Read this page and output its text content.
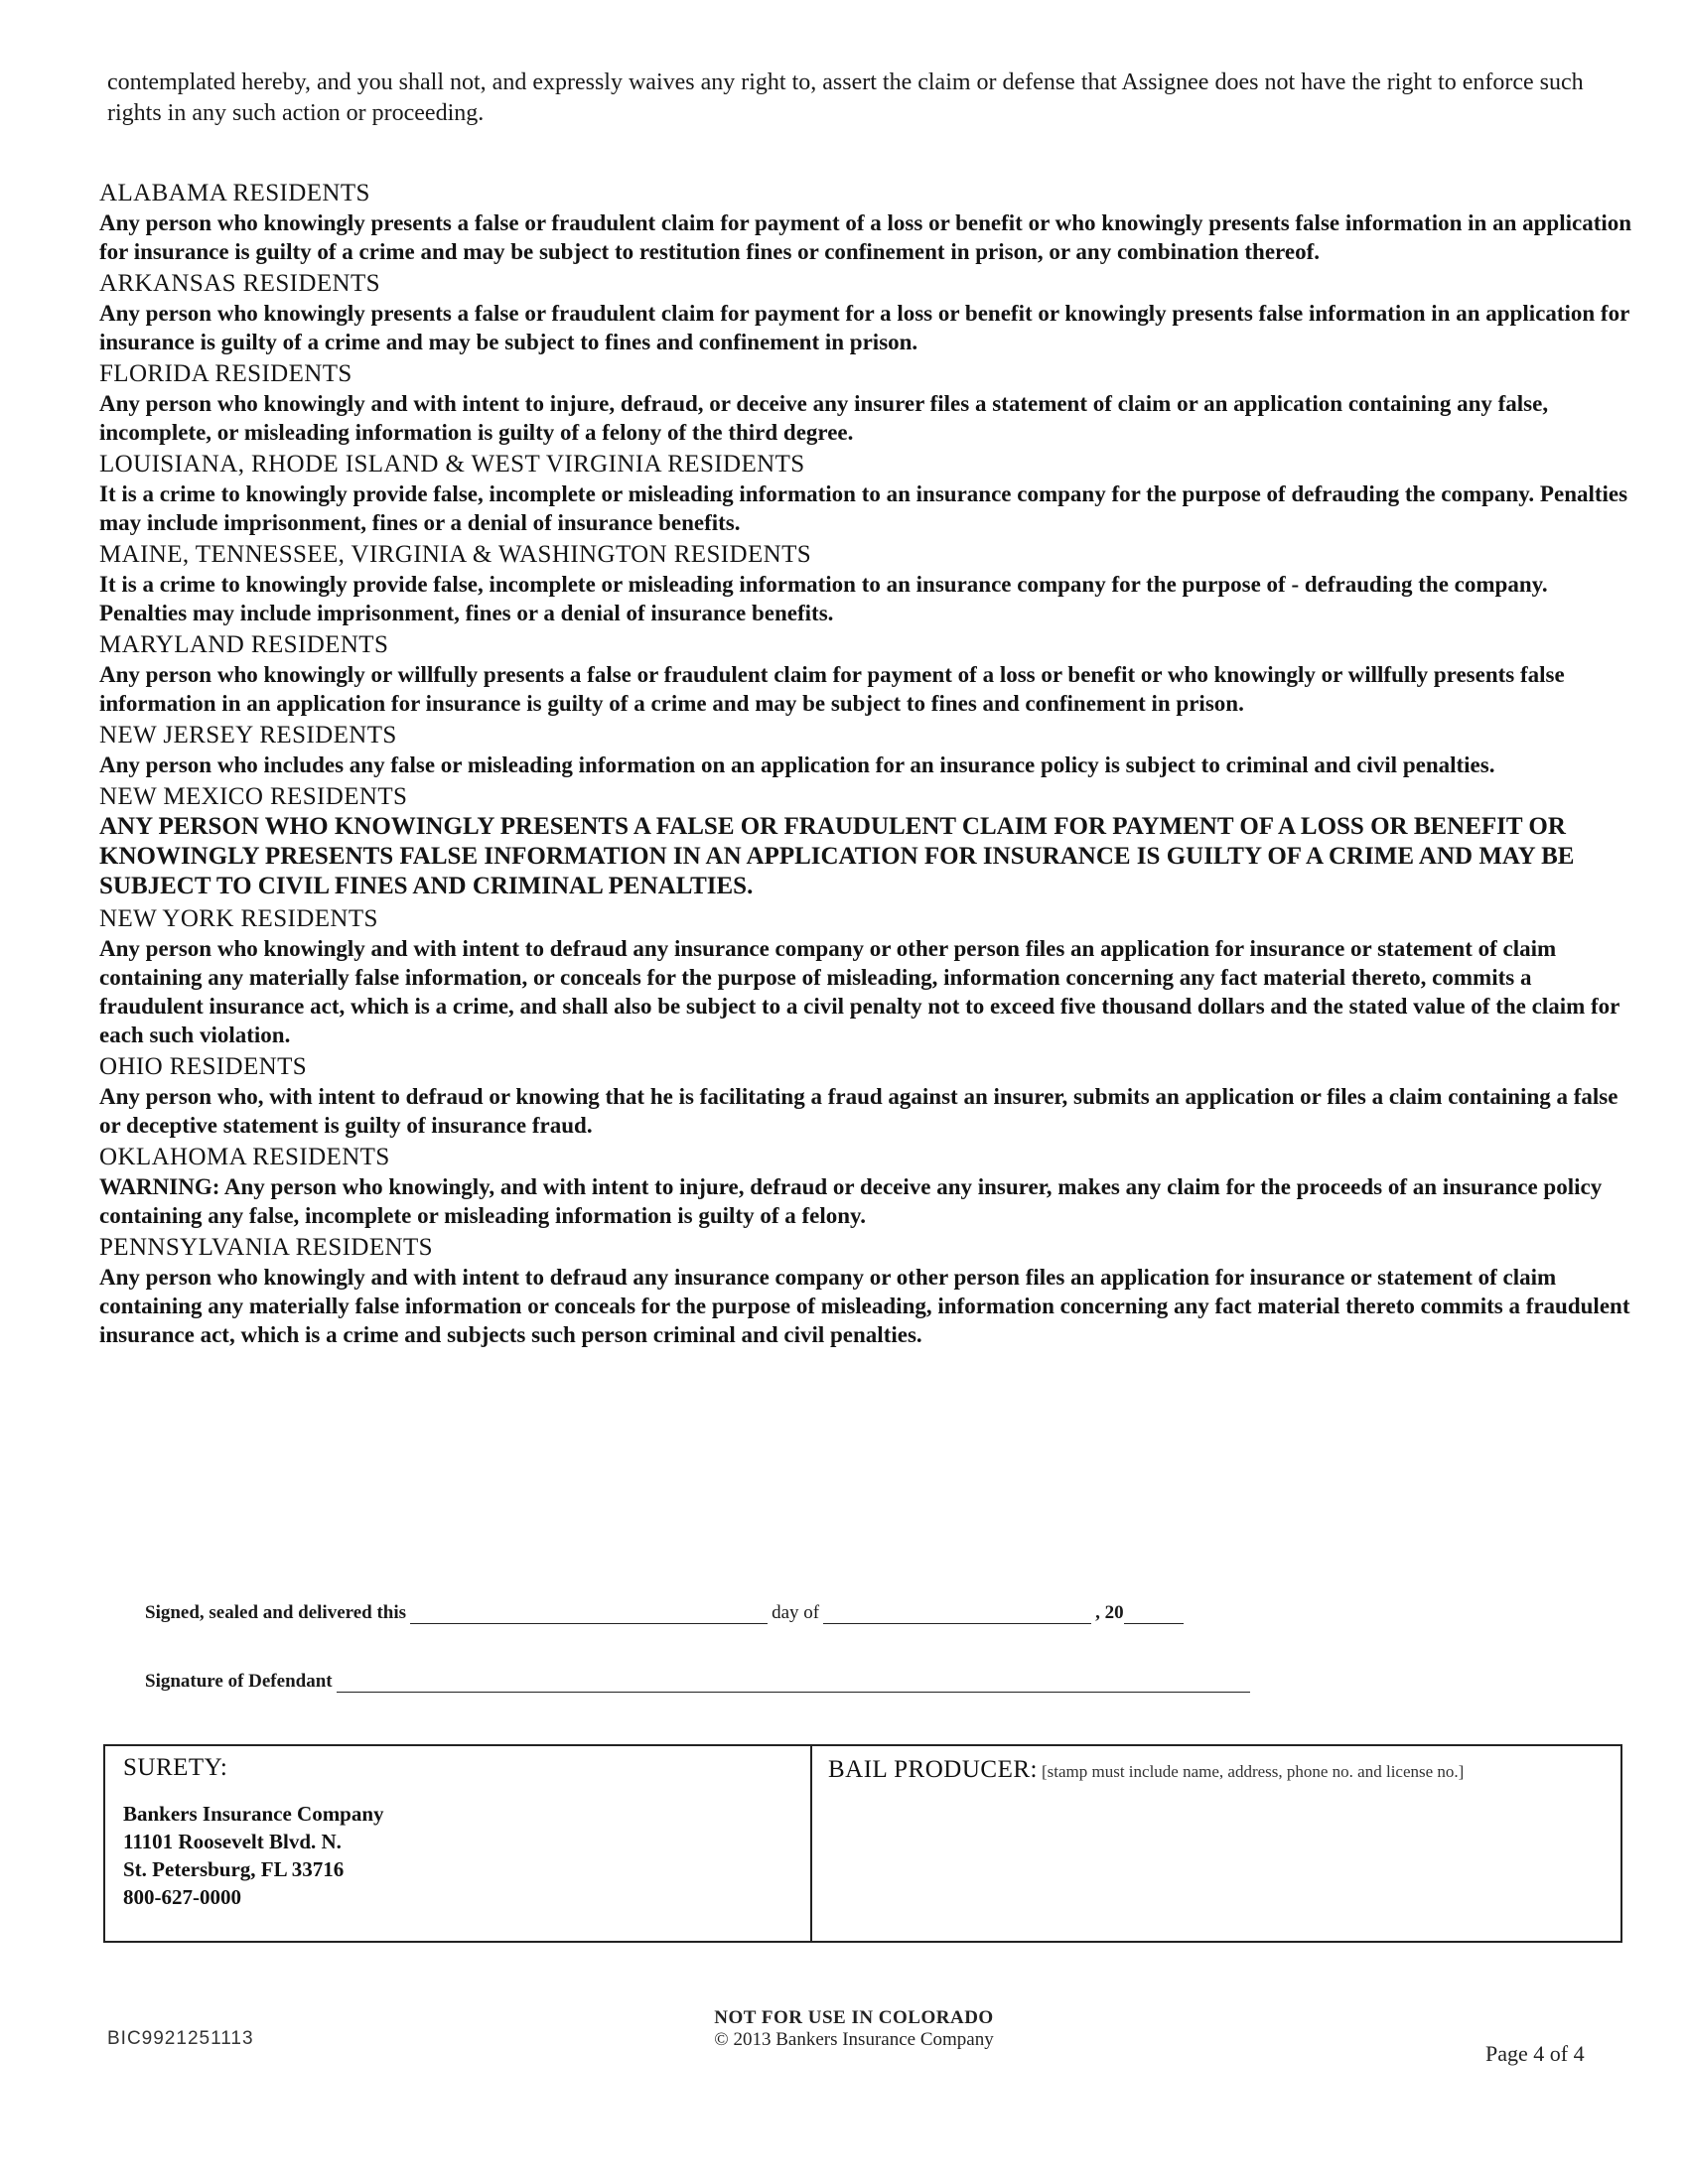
contemplated hereby, and you shall not, and expressly waives any right to, assert the claim or defense that Assignee does not have the right to enforce such rights in any such action or proceeding.
ALABAMA RESIDENTS
Any person who knowingly presents a false or fraudulent claim for payment of a loss or benefit or who knowingly presents false information in an application for insurance is guilty of a crime and may be subject to restitution fines or confinement in prison, or any combination thereof.
ARKANSAS RESIDENTS
Any person who knowingly presents a false or fraudulent claim for payment for a loss or benefit or knowingly presents false information in an application for insurance is guilty of a crime and may be subject to fines and confinement in prison.
FLORIDA RESIDENTS
Any person who knowingly and with intent to injure, defraud, or deceive any insurer files a statement of claim or an application containing any false, incomplete, or misleading information is guilty of a felony of the third degree.
LOUISIANA, RHODE ISLAND & WEST VIRGINIA RESIDENTS
It is a crime to knowingly provide false, incomplete or misleading information to an insurance company for the purpose of defrauding the company. Penalties may include imprisonment, fines or a denial of insurance benefits.
MAINE, TENNESSEE, VIRGINIA & WASHINGTON RESIDENTS
It is a crime to knowingly provide false, incomplete or misleading information to an insurance company for the purpose of - defrauding the company. Penalties may include imprisonment, fines or a denial of insurance benefits.
MARYLAND RESIDENTS
Any person who knowingly or willfully presents a false or fraudulent claim for payment of a loss or benefit or who knowingly or willfully presents false information in an application for insurance is guilty of a crime and may be subject to fines and confinement in prison.
NEW JERSEY RESIDENTS
Any person who includes any false or misleading information on an application for an insurance policy is subject to criminal and civil penalties.
NEW MEXICO RESIDENTS
ANY PERSON WHO KNOWINGLY PRESENTS A FALSE OR FRAUDULENT CLAIM FOR PAYMENT OF A LOSS OR BENEFIT OR KNOWINGLY PRESENTS FALSE INFORMATION IN AN APPLICATION FOR INSURANCE IS GUILTY OF A CRIME AND MAY BE SUBJECT TO CIVIL FINES AND CRIMINAL PENALTIES.
NEW YORK RESIDENTS
Any person who knowingly and with intent to defraud any insurance company or other person files an application for insurance or statement of claim containing any materially false information, or conceals for the purpose of misleading, information concerning any fact material thereto, commits a fraudulent insurance act, which is a crime, and shall also be subject to a civil penalty not to exceed five thousand dollars and the stated value of the claim for each such violation.
OHIO RESIDENTS
Any person who, with intent to defraud or knowing that he is facilitating a fraud against an insurer, submits an application or files a claim containing a false or deceptive statement is guilty of insurance fraud.
OKLAHOMA RESIDENTS
WARNING: Any person who knowingly, and with intent to injure, defraud or deceive any insurer, makes any claim for the proceeds of an insurance policy containing any false, incomplete or misleading information is guilty of a felony.
PENNSYLVANIA RESIDENTS
Any person who knowingly and with intent to defraud any insurance company or other person files an application for insurance or statement of claim containing any materially false information or conceals for the purpose of misleading, information concerning any fact material thereto commits a fraudulent insurance act, which is a crime and subjects such person criminal and civil penalties.
Signed, sealed and delivered this	day of	, 20
Signature of Defendant
SURETY:
Bankers Insurance Company
11101 Roosevelt Blvd. N.
St. Petersburg, FL 33716
800-627-0000
BAIL PRODUCER: [stamp must include name, address, phone no. and license no.]
BIC9921251113
NOT FOR USE IN COLORADO
© 2013 Bankers Insurance Company
Page 4 of 4
